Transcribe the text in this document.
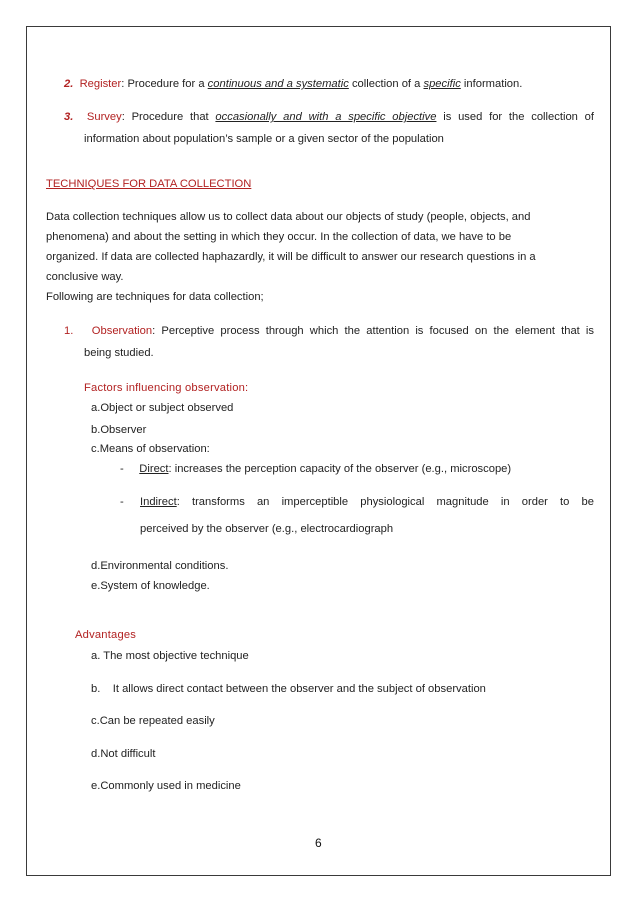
2. Register: Procedure for a continuous and a systematic collection of a specific information.
3. Survey: Procedure that occasionally and with a specific objective is used for the collection of
information about population’s sample or a given sector of the population
TECHNIQUES FOR DATA COLLECTION
Data collection techniques allow us to collect data about our objects of study (people, objects, and
phenomena) and about the setting in which they occur. In the collection of data, we have to be
organized. If data are collected haphazardly, it will be difficult to answer our research questions in a
conclusive way.
Following are techniques for data collection;
1. Observation: Perceptive process through which the attention is focused on the element that is
being studied.
Factors influencing observation:
a.Object or subject observed
b.Observer
c.Means of observation:
- Direct: increases the perception capacity of the observer (e.g., microscope)
- Indirect: transforms an imperceptible physiological magnitude in order to be
perceived by the observer (e.g., electrocardiograph
d.Environmental conditions.
e.System of knowledge.
Advantages
a. The most objective technique
b.    It allows direct contact between the observer and the subject of observation
c.Can be repeated easily
d.Not difficult
e.Commonly used in medicine
6
